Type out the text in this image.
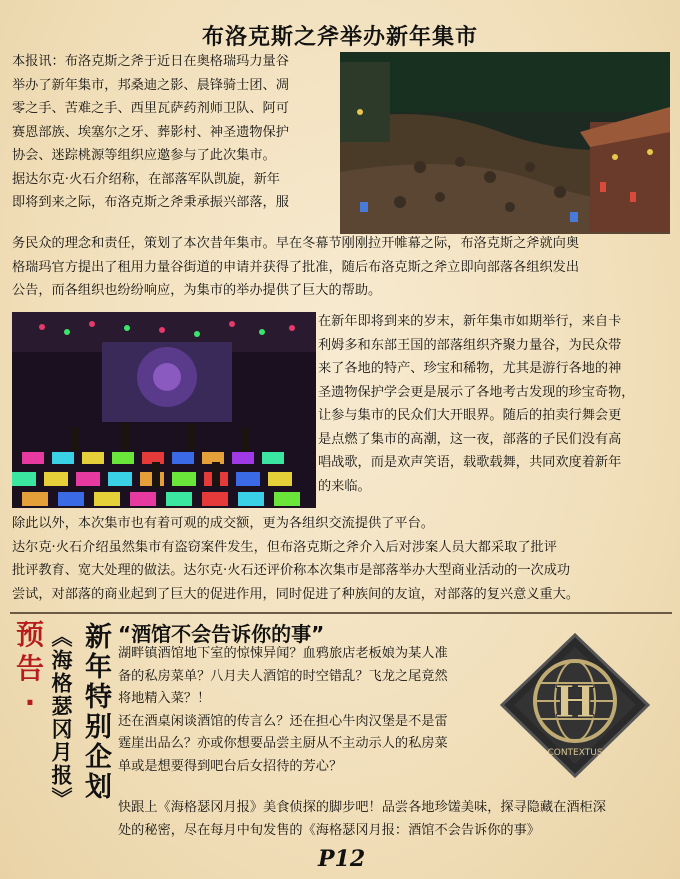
布洛克斯之斧举办新年集市
本报讯：布洛克斯之斧于近日在奥格瑞玛力量谷
举办了新年集市，邦桑迪之影、晨锋骑士团、凋
零之手、苦难之手、西里瓦萨药剂师卫队、阿可
赛恩部族、埃塞尔之牙、葬影村、神圣遗物保护
协会、迷踪桃源等组织应邀参与了此次集市。
据达尔克·火石介绍称，在部落军队凯旋，新年
即将到来之际，布洛克斯之斧秉承振兴部落，服
务民众的理念和责任，策划了本次昔年集市。早在冬幕节刚刚拉开帷幕之际，布洛克斯之斧就向奥
格瑞玛官方提出了租用力量谷街道的申请并获得了批准，随后布洛克斯之斧立即向部落各组织发出
公告，而各组织也纷纷响应，为集市的举办提供了巨大的帮助。
在新年即将到来的岁末，新年集市如期举行，来自卡
利姆多和东部王国的部落组织齐聚力量谷，为民众带
来了各地的特产、珍宝和稀物，尤其是游行各地的神
圣遗物保护学会更是展示了各地考古发现的珍宝奇物，
让参与集市的民众们大开眼界。随后的拍卖行舞会更
是点燃了集市的高潮，这一夜，部落的子民们没有高
唱战歌，而是欢声笑语，载歌载舞，共同欢度着新年
的来临。
除此以外，本次集市也有着可观的成交额，更为各组织交流提供了平台。
达尔克·火石介绍虽然集市有盗窃案件发生，但布洛克斯之斧介入后对涉案人员大都采取了批评
批评教育、宽大处理的做法。达尔克·火石还评价称本次集市是部落举办大型商业活动的一次成功
尝试，对部落的商业起到了巨大的促进作用，同时促进了种族间的友谊，对部落的复兴意义重大。
预告· 《海格瑟冈月报》 新年特别企划 “酒馆不会告诉你的事”
湖畔镇酒馆地下室的惊悚异闻？血鸦旅店老板娘为某人准
备的私房菜单？八月夫人酒馆的时空错乱？飞龙之尾竟然
将地精入菜？！
还在酒桌闲谈酒馆的传言么？还在担心牛肉汉堡是不是雷
霆崖出品么？亦或你想要品尝主厨从不主动示人的私房菜
单或是想要得到吧台后女招待的芳心？
快跟上《海格瑟冈月报》美食侦探的脚步吧！品尝各地珍馐美味，探寻隐藏在酒柜深
处的秘密，尽在每月中旬发售的《海格瑟冈月报：酒馆不会告诉你的事》
H
CONTEXTUS
P12
